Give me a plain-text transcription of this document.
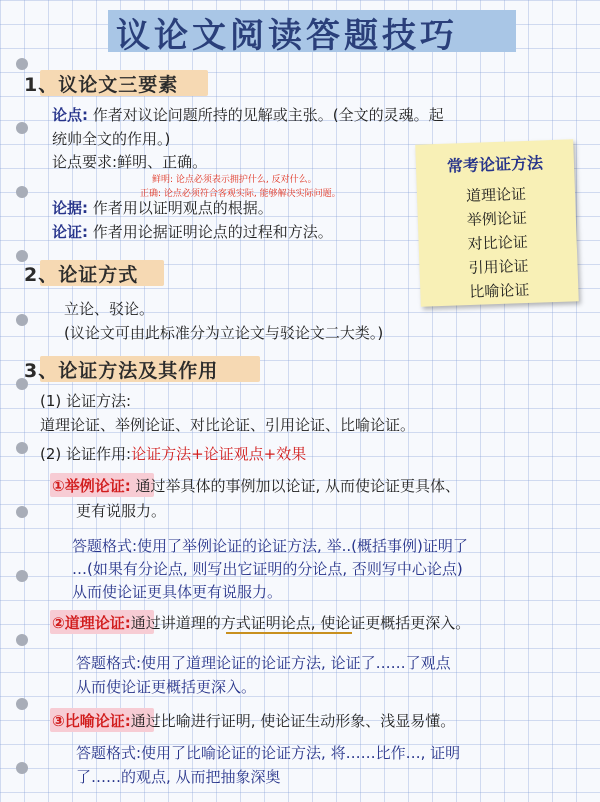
议论文阅读答题技巧
1、议论文三要素
论点: 作者对议论问题所持的见解或主张。(全文的灵魂。起
统帅全文的作用。)
论点要求:鲜明、正确。
鲜明: 论点必须表示拥护什么, 反对什么。
正确: 论点必须符合客观实际, 能够解决实际问题。
论据: 作者用以证明观点的根据。
论证: 作者用论据证明论点的过程和方法。
常考论证方法
道理论证
举例论证
对比论证
引用论证
比喻论证
2、论证方式
立论、驳论。
(议论文可由此标准分为立论文与驳论文二大类。)
3、论证方法及其作用
(1) 论证方法:
道理论证、举例论证、对比论证、引用论证、比喻论证。
(2) 论证作用:论证方法+论证观点+效果
①举例论证: 通过举具体的事例加以论证, 从而使论证更具体、
更有说服力。
答题格式:使用了举例论证的论证方法, 举..(概括事例)证明了
…(如果有分论点, 则写出它证明的分论点, 否则写中心论点)
从而使论证更具体更有说服力。
②道理论证:通过讲道理的方式证明论点, 使论证更概括更深入。
答题格式:使用了道理论证的论证方法, 论证了……了观点
从而使论证更概括更深入。
③比喻论证:通过比喻进行证明, 使论证生动形象、浅显易懂。
答题格式:使用了比喻论证的论证方法, 将……比作…, 证明
了……的观点, 从而把抽象深奥
